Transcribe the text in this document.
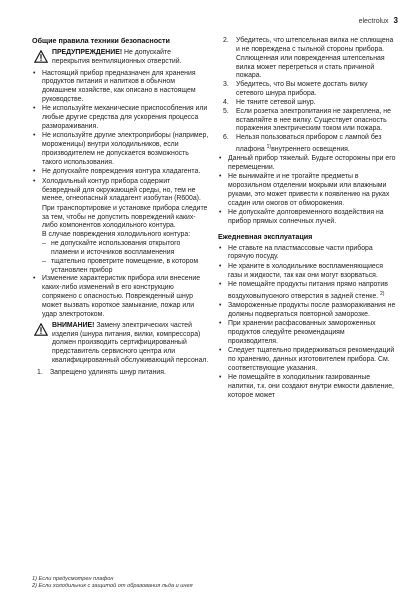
electrolux 3
Общие правила техники безопасности
ПРЕДУПРЕЖДЕНИЕ! Не допускайте перекрытия вентиляционных отверстий.
• Настоящий прибор предназначен для хранения продуктов питания и напитков в обычном домашнем хозяйстве, как описано в настоящем руководстве.
• Не используйте механические приспособления или любые другие средства для ускорения процесса размораживания.
• Не используйте другие электроприборы (например, мороженицы) внутри холодильников, если производителем не допускается возможность такого использования.
• Не допускайте повреждения контура хладагента.
• Холодильный контур прибора содержит безвредный для окружающей среды, но, тем не менее, огнеопасный хладагент изобутан (R600a).
При транспортировке и установке прибора следите за тем, чтобы не допустить повреждений каких-либо компонентов холодильного контура.
В случае повреждения холодильного контура:
– не допускайте использования открытого пламени и источников воспламенения
– тщательно проветрите помещение, в котором установлен прибор
• Изменение характеристик прибора или внесение каких-либо изменений в его конструкцию сопряжено с опасностью. Поврежденный шнур может вызвать короткое замыкание, пожар или удар электротоком.
ВНИМАНИЕ! Замену электрических частей изделия (шнура питания, вилки, компрессора) должен производить сертифицированный представитель сервисного центра или квалифицированный обслуживающий персонал.
1. Запрещено удлинять шнур питания.
2. Убедитесь, что штепсельная вилка не сплющена и не повреждена с тыльной стороны прибора. Сплющенная или поврежденная штепсельная вилка может перегреться и стать причиной пожара.
3. Убедитесь, что Вы можете достать вилку сетевого шнура прибора.
4. Не тяните сетевой шнур.
5. Если розетка электропитания не закреплена, не вставляйте в нее вилку. Существует опасность поражения электрическим током или пожара.
6. Нельзя пользоваться прибором с лампой без плафона $^{1)}$внутреннего освещения.
• Данный прибор тяжелый. Будьте осторожны при его перемещении.
• Не вынимайте и не трогайте предметы в морозильном отделении мокрыми или влажными руками, это может привести к появлению на руках ссадин или ожогов от обморожения.
• Не допускайте долговременного воздействия на прибор прямых солнечных лучей.
Ежедневная эксплуатация
• Не ставьте на пластмассовые части прибора горячую посуду.
• Не храните в холодильнике воспламеняющиеся газы и жидкости, так как они могут взорваться.
• Не помещайте продукты питания прямо напротив воздуховыпускного отверстия в задней стенке. $^{2)}$
• Замороженные продукты после размораживания не должны подвергаться повторной заморозке.
• При хранении расфасованных замороженных продуктов следуйте рекомендациям производителя.
• Следует тщательно придерживаться рекомендаций по хранению, данных изготовителем прибора. См. соответствующие указания.
• Не помещайте в холодильник газированные напитки, т.к. они создают внутри емкости давление, которое может
1) Если предусмотрен плафон
2) Если холодильник с защитой от образования льда и инея
